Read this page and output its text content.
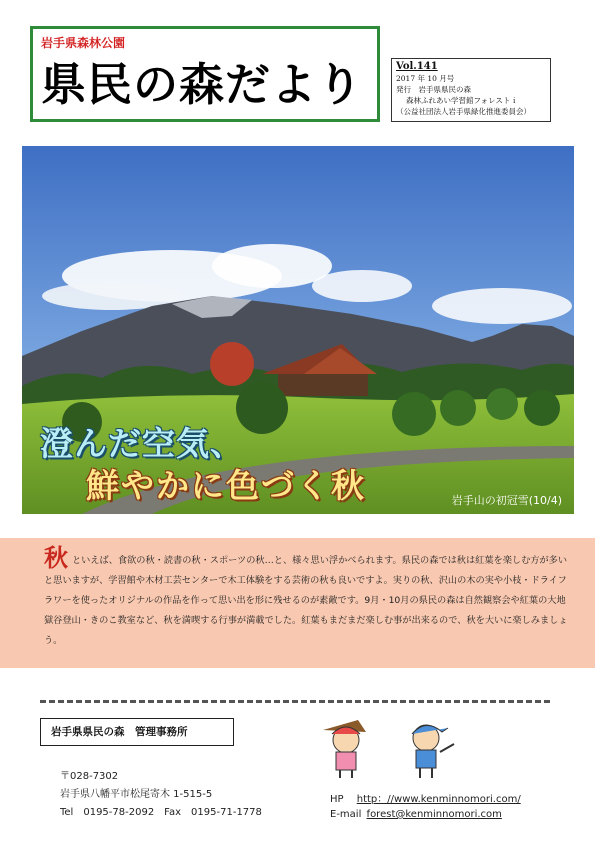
岩手県森林公園
県民の森だより	Vol.141
2017 年 10 月号
発行　岩手県県民の森
森林ふれあい学習館フォレストｉ
（公益社団法人岩手県緑化推進委員会）
澄んだ空気、
鮮やかに色づく秋	岩手山の初冠雪(10/4)
秋といえば、食欲の秋・読書の秋・スポーツの秋…と、様々思い浮かべられます。県民の森では秋は紅葉を楽しむ方が多いと思いますが、学習館や木材工芸センターで木工体験をする芸術の秋も良いですよ。実りの秋、沢山の木の実や小枝・ドライフラワーを使ったオリジナルの作品を作って思い出を形に残せるのが素敵です。9月・10月の県民の森は自然観察会や紅葉の大地獄谷登山・きのこ教室など、秋を満喫する行事が満載でした。紅葉もまだまだ楽しむ事が出来るので、秋を大いに楽しみましょう。
岩手県県民の森　管理事務所
〒028-7302
岩手県八幡平市松尾寄木 1-515-5
Tel　0195-78-2092　Fax　0195-71-1778
HP http：//www.kenminnomori.com/
E-mail forest@kenminnomori.com
